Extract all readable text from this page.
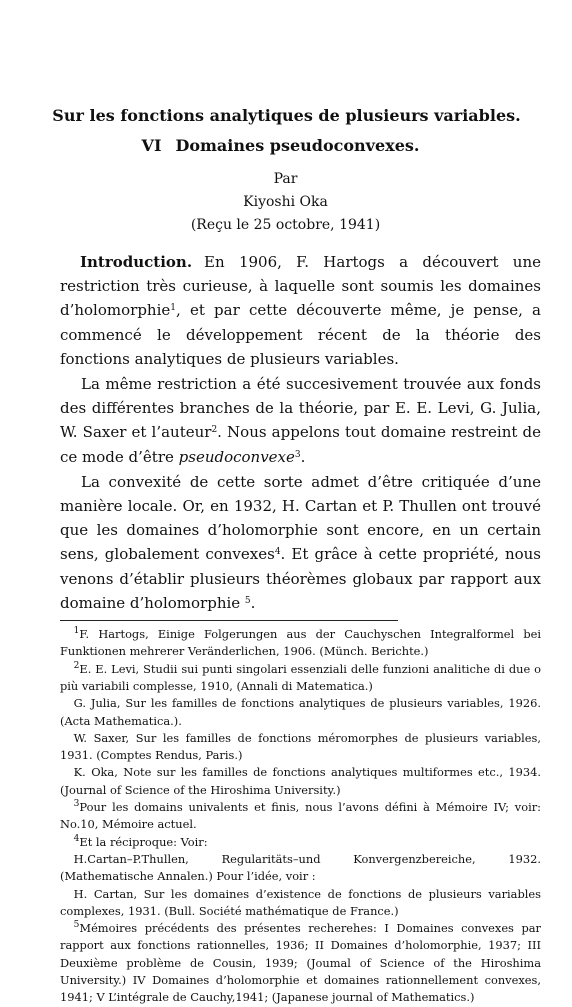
Sur les fonctions analytiques de plusieurs variables.
VI Domaines pseudoconvexes.
Par
Kiyoshi Oka
(Reçu le 25 octobre, 1941)

Introduction. En 1906, F. Hartogs a découvert une restriction très curieuse, à laquelle sont soumis les domaines d’holomorphie$^1$, et par cette découverte même, je pense, a commencé le développement récent de la théorie des fonctions analytiques de plusieurs variables.

La même restriction a été succesivement trouvée aux fonds des différentes branches de la théorie, par E. E. Levi, G. Julia, W. Saxer et l’auteur$^2$. Nous appelons tout domaine restreint de ce mode d’être pseudoconvexe$^3$.

La convexité de cette sorte admet d’être critiquée d’une manière locale. Or, en 1932, H. Cartan et P. Thullen ont trouvé que les domaines d’holomorphie sont encore, en un certain sens, globalement convexes$^4$. Et grâce à cette propriété, nous venons d’établir plusieurs théorèmes globaux par rapport aux domaine d’holomorphie $^5$.

$^1$F. Hartogs, Einige Folgerungen aus der Cauchyschen Integralformel bei Funktionen mehrerer Veränderlichen, 1906. (Münch. Berichte.)

$^2$E. E. Levi, Studii sui punti singolari essenziali delle funzioni analitiche di due o più variabili complesse, 1910, (Annali di Matematica.)

G. Julia, Sur les familles de fonctions analytiques de plusieurs variables, 1926. (Acta Mathematica.).

W. Saxer, Sur les familles de fonctions méromorphes de plusieurs variables, 1931. (Comptes Rendus, Paris.)

K. Oka, Note sur les familles de fonctions analytiques multiformes etc., 1934. (Journal of Science of the Hiroshima University.)

$^3$Pour les domains univalents et finis, nous l’avons défini à Mémoire IV; voir: No.10, Mémoire actuel.

$^4$Et la réciproque: Voir:

H.Cartan–P.Thullen, Regularitäts–und Konvergenzbereiche, 1932. (Mathematische Annalen.) Pour l’idée, voir :

H. Cartan, Sur les domaines d’existence de fonctions de plusieurs variables complexes, 1931. (Bull. Société mathématique de France.)

$^5$Mémoires précédents des présentes recherehes: I Domaines convexes par rapport aux fonctions rationnelles, 1936; II Domaines d’holomorphie, 1937; III Deuxième problème de Cousin, 1939; (Joumal of Science of the Hiroshima University.) IV Domaines d’holomorphie et domaines rationnellement convexes, 1941; V L’intégrale de Cauchy,1941; (Japanese journal of Mathematics.)
